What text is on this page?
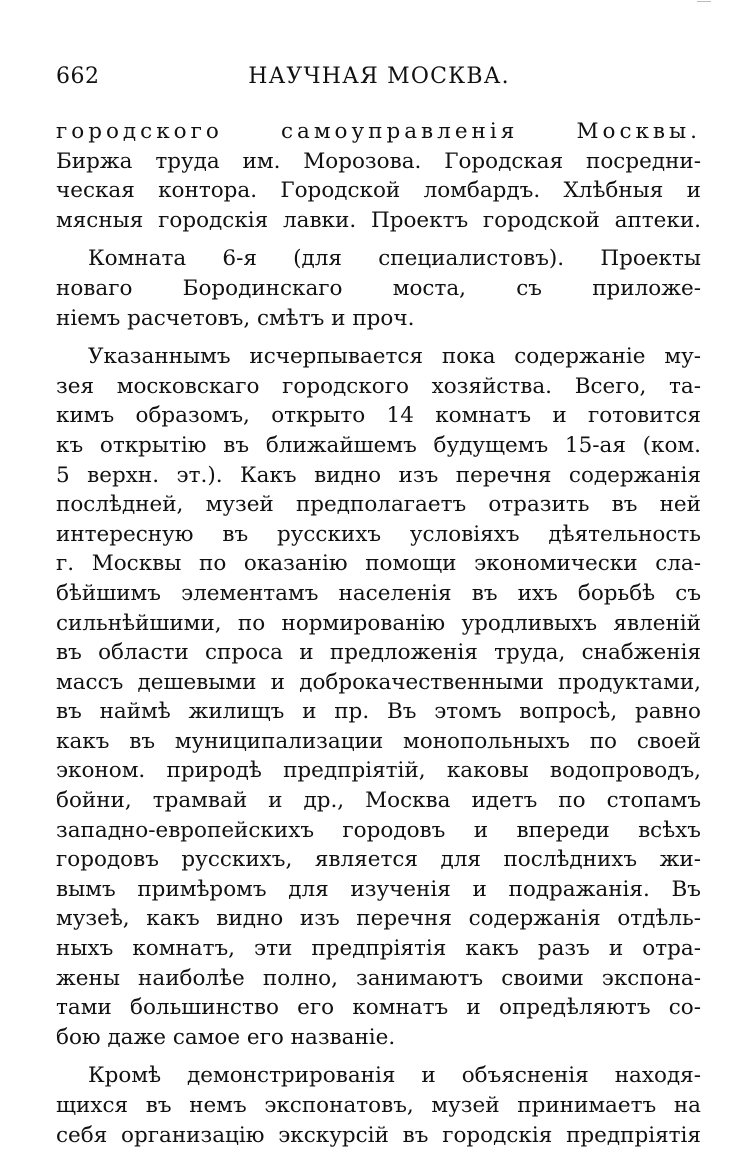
662	НАУЧНАЯ МОСКВА.
городского самоуправленія Москвы.
Биржа труда им. Морозова. Городская посредни-
ческая контора. Городской ломбардъ. Хлѣбныя и
мясныя городскія лавки. Проектъ городской аптеки.
Комната 6-я (для специалистовъ). Проекты
новаго Бородинскаго моста, съ приложе-
ніемъ расчетовъ, смѣтъ и проч.
Указаннымъ исчерпывается пока содержаніе му-
зея московскаго городского хозяйства. Всего, та-
кимъ образомъ, открыто 14 комнатъ и готовится
къ открытію въ ближайшемъ будущемъ 15-ая (ком.
5 верхн. эт.). Какъ видно изъ перечня содержанія
послѣдней, музей предполагаетъ отразить въ ней
интересную въ русскихъ условіяхъ дѣятельность
г. Москвы по оказанію помощи экономически сла-
бѣйшимъ элементамъ населенія въ ихъ борьбѣ съ
сильнѣйшими, по нормированію уродливыхъ явленій
въ области спроса и предложенія труда, снабженія
массъ дешевыми и доброкачественными продуктами,
въ наймѣ жилищъ и пр. Въ этомъ вопросѣ, равно
какъ въ муниципализации монопольныхъ по своей
эконом. природѣ предпріятій, каковы водопроводъ,
бойни, трамвай и др., Москва идетъ по стопамъ
западно-европейскихъ городовъ и впереди всѣхъ
городовъ русскихъ, является для послѣднихъ жи-
вымъ примѣромъ для изученія и подражанія. Въ
музеѣ, какъ видно изъ перечня содержанія отдѣль-
ныхъ комнатъ, эти предпріятія какъ разъ и отра-
жены наиболѣе полно, занимаютъ своими экспона-
тами большинство его комнатъ и опредѣляютъ со-
бою даже самое его названіе.
Кромѣ демонстрированія и объясненія находя-
щихся въ немъ экспонатовъ, музей принимаетъ на
себя организацію экскурсій въ городскія предпріятія
